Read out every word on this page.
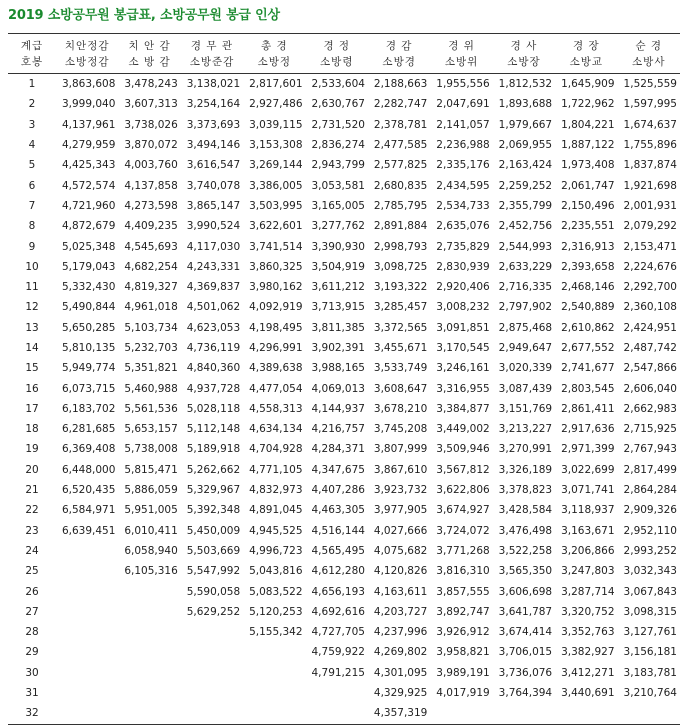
2019 소방공무원 봉급표, 소방공무원 봉급 인상
계급	치안정감	치 안 감	경 무 관	총 경	경 정	경 감	경 위	경 사	경 장	순 경
호봉	소방정감	소 방 감	소방준감	소방정	소방령	소방경	소방위	소방장	소방교	소방사
1	3,863,608	3,478,243	3,138,021	2,817,601	2,533,604	2,188,663	1,955,556	1,812,532	1,645,909	1,525,559
2	3,999,040	3,607,313	3,254,164	2,927,486	2,630,767	2,282,747	2,047,691	1,893,688	1,722,962	1,597,995
3	4,137,961	3,738,026	3,373,693	3,039,115	2,731,520	2,378,781	2,141,057	1,979,667	1,804,221	1,674,637
4	4,279,959	3,870,072	3,494,146	3,153,308	2,836,274	2,477,585	2,236,988	2,069,955	1,887,122	1,755,896
5	4,425,343	4,003,760	3,616,547	3,269,144	2,943,799	2,577,825	2,335,176	2,163,424	1,973,408	1,837,874
6	4,572,574	4,137,858	3,740,078	3,386,005	3,053,581	2,680,835	2,434,595	2,259,252	2,061,747	1,921,698
7	4,721,960	4,273,598	3,865,147	3,503,995	3,165,005	2,785,795	2,534,733	2,355,799	2,150,496	2,001,931
8	4,872,679	4,409,235	3,990,524	3,622,601	3,277,762	2,891,884	2,635,076	2,452,756	2,235,551	2,079,292
9	5,025,348	4,545,693	4,117,030	3,741,514	3,390,930	2,998,793	2,735,829	2,544,993	2,316,913	2,153,471
10	5,179,043	4,682,254	4,243,331	3,860,325	3,504,919	3,098,725	2,830,939	2,633,229	2,393,658	2,224,676
11	5,332,430	4,819,327	4,369,837	3,980,162	3,611,212	3,193,322	2,920,406	2,716,335	2,468,146	2,292,700
12	5,490,844	4,961,018	4,501,062	4,092,919	3,713,915	3,285,457	3,008,232	2,797,902	2,540,889	2,360,108
13	5,650,285	5,103,734	4,623,053	4,198,495	3,811,385	3,372,565	3,091,851	2,875,468	2,610,862	2,424,951
14	5,810,135	5,232,703	4,736,119	4,296,991	3,902,391	3,455,671	3,170,545	2,949,647	2,677,552	2,487,742
15	5,949,774	5,351,821	4,840,360	4,389,638	3,988,165	3,533,749	3,246,161	3,020,339	2,741,677	2,547,866
16	6,073,715	5,460,988	4,937,728	4,477,054	4,069,013	3,608,647	3,316,955	3,087,439	2,803,545	2,606,040
17	6,183,702	5,561,536	5,028,118	4,558,313	4,144,937	3,678,210	3,384,877	3,151,769	2,861,411	2,662,983
18	6,281,685	5,653,157	5,112,148	4,634,134	4,216,757	3,745,208	3,449,002	3,213,227	2,917,636	2,715,925
19	6,369,408	5,738,008	5,189,918	4,704,928	4,284,371	3,807,999	3,509,946	3,270,991	2,971,399	2,767,943
20	6,448,000	5,815,471	5,262,662	4,771,105	4,347,675	3,867,610	3,567,812	3,326,189	3,022,699	2,817,499
21	6,520,435	5,886,059	5,329,967	4,832,973	4,407,286	3,923,732	3,622,806	3,378,823	3,071,741	2,864,284
22	6,584,971	5,951,005	5,392,348	4,891,045	4,463,305	3,977,905	3,674,927	3,428,584	3,118,937	2,909,326
23	6,639,451	6,010,411	5,450,009	4,945,525	4,516,144	4,027,666	3,724,072	3,476,498	3,163,671	2,952,110
24		6,058,940	5,503,669	4,996,723	4,565,495	4,075,682	3,771,268	3,522,258	3,206,866	2,993,252
25		6,105,316	5,547,992	5,043,816	4,612,280	4,120,826	3,816,310	3,565,350	3,247,803	3,032,343
26			5,590,058	5,083,522	4,656,193	4,163,611	3,857,555	3,606,698	3,287,714	3,067,843
27			5,629,252	5,120,253	4,692,616	4,203,727	3,892,747	3,641,787	3,320,752	3,098,315
28				5,155,342	4,727,705	4,237,996	3,926,912	3,674,414	3,352,763	3,127,761
29					4,759,922	4,269,802	3,958,821	3,706,015	3,382,927	3,156,181
30					4,791,215	4,301,095	3,989,191	3,736,076	3,412,271	3,183,781
31						4,329,925	4,017,919	3,764,394	3,440,691	3,210,764
32						4,357,319				
